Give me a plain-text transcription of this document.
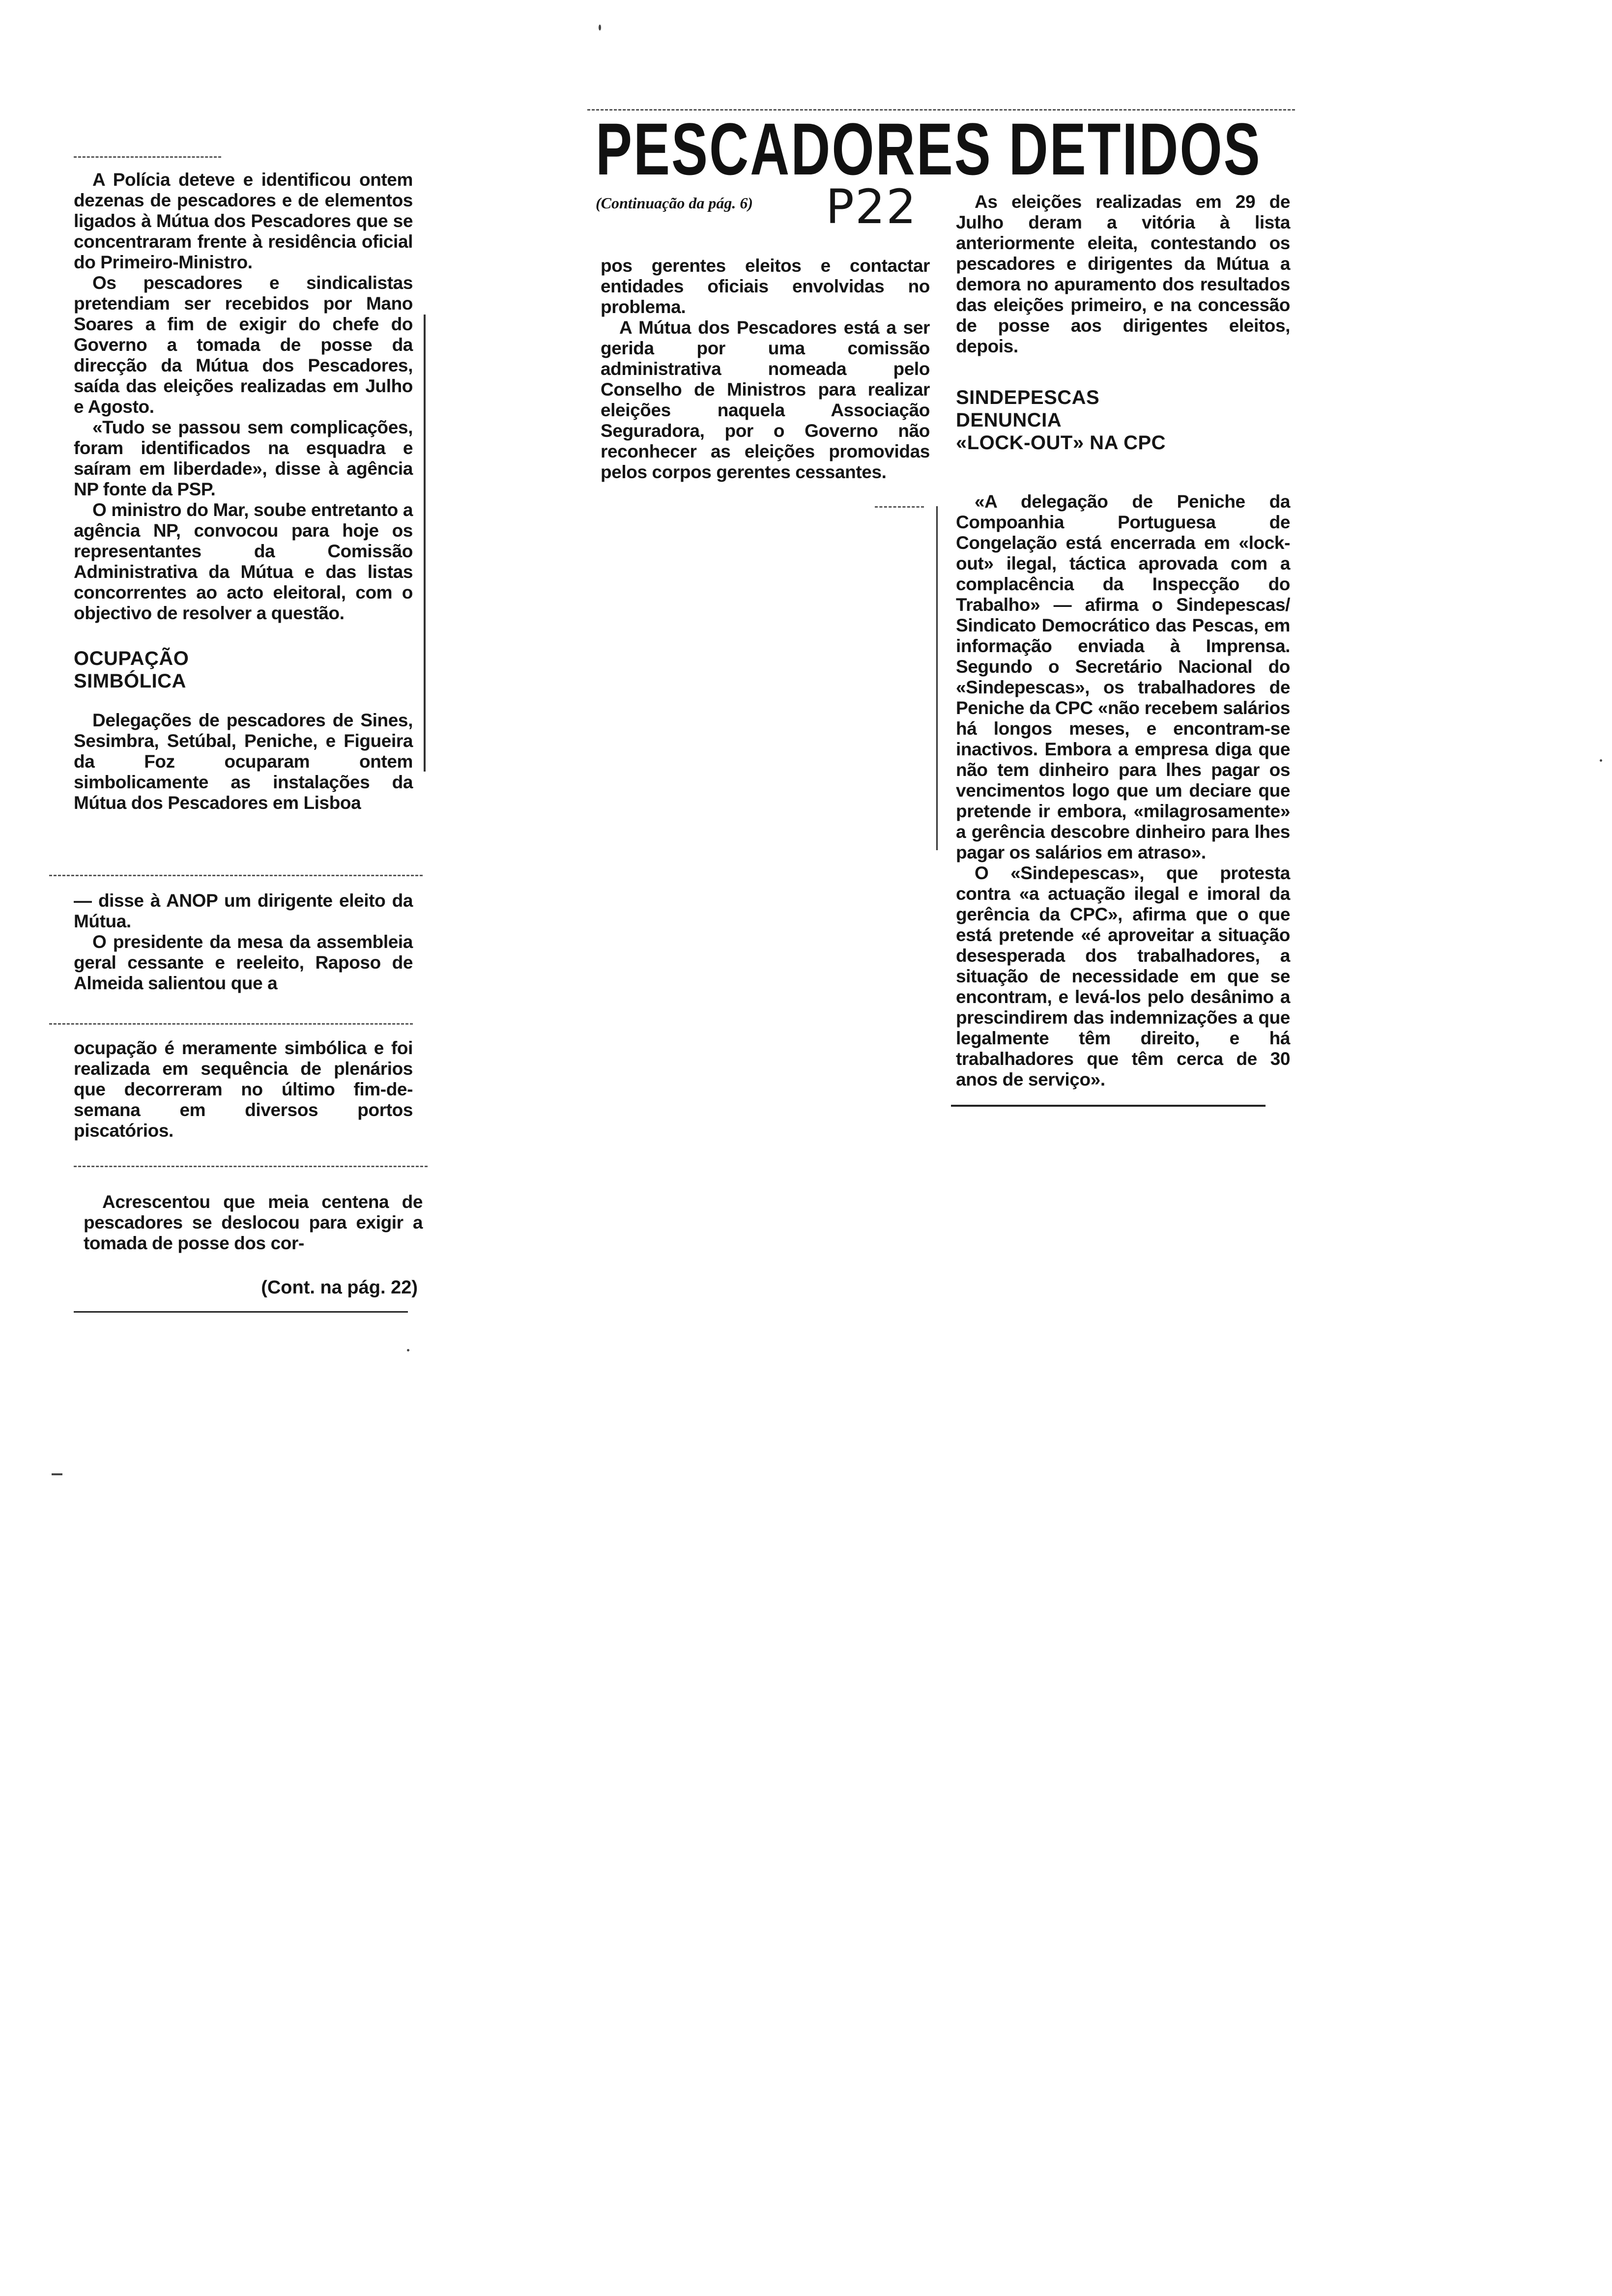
PESCADORES DETIDOS
(Continuação da pág. 6) P22

A Polícia deteve e identificou ontem dezenas de pescadores e de elementos ligados à Mútua dos Pescadores que se concentraram frente à residência oficial do Primeiro-Ministro.

Os pescadores e sindicalistas pretendiam ser recebidos por Mano Soares a fim de exigir do chefe do Governo a tomada de posse da direcção da Mútua dos Pescadores, saída das eleições realizadas em Julho e Agosto.

«Tudo se passou sem complicações, foram identificados na esquadra e saíram em liberdade», disse à agência NP fonte da PSP.

O ministro do Mar, soube entretanto a agência NP, convocou para hoje os representantes da Comissão Administrativa da Mútua e das listas concorrentes ao acto eleitoral, com o objectivo de resolver a questão.

OCUPAÇÃO SIMBÓLICA

Delegações de pescadores de Sines, Sesimbra, Setúbal, Peniche, e Figueira da Foz ocuparam ontem simbolicamente as instalações da Mútua dos Pescadores em Lisboa

— disse à ANOP um dirigente eleito da Mútua.

O presidente da mesa da assembleia geral cessante e reeleito, Raposo de Almeida salientou que a

ocupação é meramente simbólica e foi realizada em sequência de plenários que decorreram no último fim-de-semana em diversos portos piscatórios.

Acrescentou que meia centena de pescadores se deslocou para exigir a tomada de posse dos cor-

(Cont. na pág. 22)

pos gerentes eleitos e contactar entidades oficiais envolvidas no problema.

A Mútua dos Pescadores está a ser gerida por uma comissão administrativa nomeada pelo Conselho de Ministros para realizar eleições naquela Associação Seguradora, por o Governo não reconhecer as eleições promovidas pelos corpos gerentes cessantes.

As eleições realizadas em 29 de Julho deram a vitória à lista anteriormente eleita, contestando os pescadores e dirigentes da Mútua a demora no apuramento dos resultados das eleições primeiro, e na concessão de posse aos dirigentes eleitos, depois.

SINDEPESCAS

DENUNCIA

«LOCK-OUT» NA CPC

«A delegação de Peniche da Compoanhia Portuguesa de Congelação está encerrada em «lock-out» ilegal, táctica aprovada com a complacência da Inspecção do Trabalho» — afirma o Sindepescas/ Sindicato Democrático das Pescas, em informação enviada à Imprensa. Segundo o Secretário Nacional do «Sindepescas», os trabalhadores de Peniche da CPC «não recebem salários há longos meses, e encontram-se inactivos. Embora a empresa diga que não tem dinheiro para lhes pagar os vencimentos logo que um deciare que pretende ir embora, «milagrosamente» a gerência descobre dinheiro para lhes pagar os salários em atraso».

O «Sindepescas», que protesta contra «a actuação ilegal e imoral da gerência da CPC», afirma que o que está pretende «é aproveitar a situação desesperada dos trabalhadores, a situação de necessidade em que se encontram, e levá-los pelo desânimo a prescindirem das indemnizações a que legalmente têm direito, e há trabalhadores que têm cerca de 30 anos de serviço».
